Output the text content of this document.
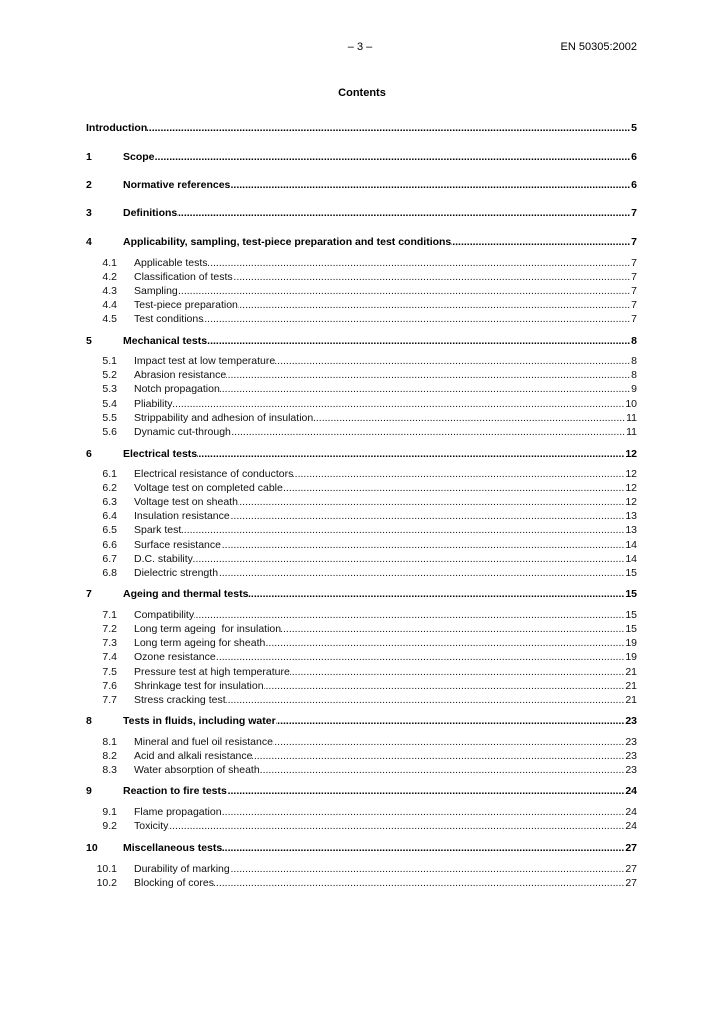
– 3 –	EN 50305:2002
Contents
Introduction .....	5
1	Scope .....	6
2	Normative references .....	6
3	Definitions .....	7
4	Applicability, sampling, test-piece preparation and test conditions .....	7
4.1 Applicable tests .....	7
4.2 Classification of tests .....	7
4.3 Sampling .....	7
4.4 Test-piece preparation .....	7
4.5 Test conditions .....	7
5	Mechanical tests .....	8
5.1 Impact test at low temperature .....	8
5.2 Abrasion resistance .....	8
5.3 Notch propagation .....	9
5.4 Pliability .....	10
5.5 Strippability and adhesion of insulation .....	11
5.6 Dynamic cut-through .....	11
6	Electrical tests .....	12
6.1 Electrical resistance of conductors .....	12
6.2 Voltage test on completed cable .....	12
6.3 Voltage test on sheath .....	12
6.4 Insulation resistance .....	13
6.5 Spark test .....	13
6.6 Surface resistance .....	14
6.7 D.C. stability .....	14
6.8 Dielectric strength .....	15
7	Ageing and thermal tests .....	15
7.1 Compatibility .....	15
7.2 Long term ageing  for insulation .....	15
7.3 Long term ageing for sheath .....	19
7.4 Ozone resistance .....	19
7.5 Pressure test at high temperature .....	21
7.6 Shrinkage test for insulation .....	21
7.7 Stress cracking test .....	21
8	Tests in fluids, including water .....	23
8.1 Mineral and fuel oil resistance .....	23
8.2 Acid and alkali resistance .....	23
8.3 Water absorption of sheath .....	23
9	Reaction to fire tests .....	24
9.1 Flame propagation .....	24
9.2 Toxicity .....	24
10	Miscellaneous tests .....	27
10.1 Durability of marking .....	27
10.2 Blocking of cores .....	27
